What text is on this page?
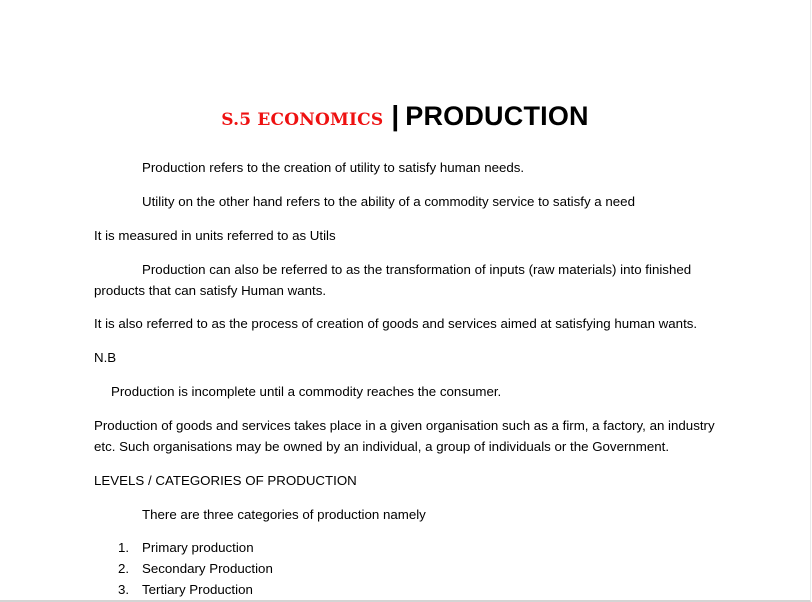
S.5 ECONOMICS | PRODUCTION
Production refers to the creation of utility to satisfy human needs.
Utility on the other hand refers to the ability of a commodity service to satisfy a need
It is measured in units referred to as Utils
Production can also be referred to as the transformation of inputs (raw materials) into finished
products that can satisfy Human wants.
It is also referred to as the process of creation of goods and services aimed at satisfying human wants.
N.B
Production is incomplete until a commodity reaches the consumer.
Production of goods and services takes place in a given organisation such as a firm, a factory, an industry
etc. Such organisations may be owned by an individual, a group of individuals or the Government.
LEVELS / CATEGORIES OF PRODUCTION
There are three categories of production namely
1. Primary production
2. Secondary Production
3. Tertiary Production
